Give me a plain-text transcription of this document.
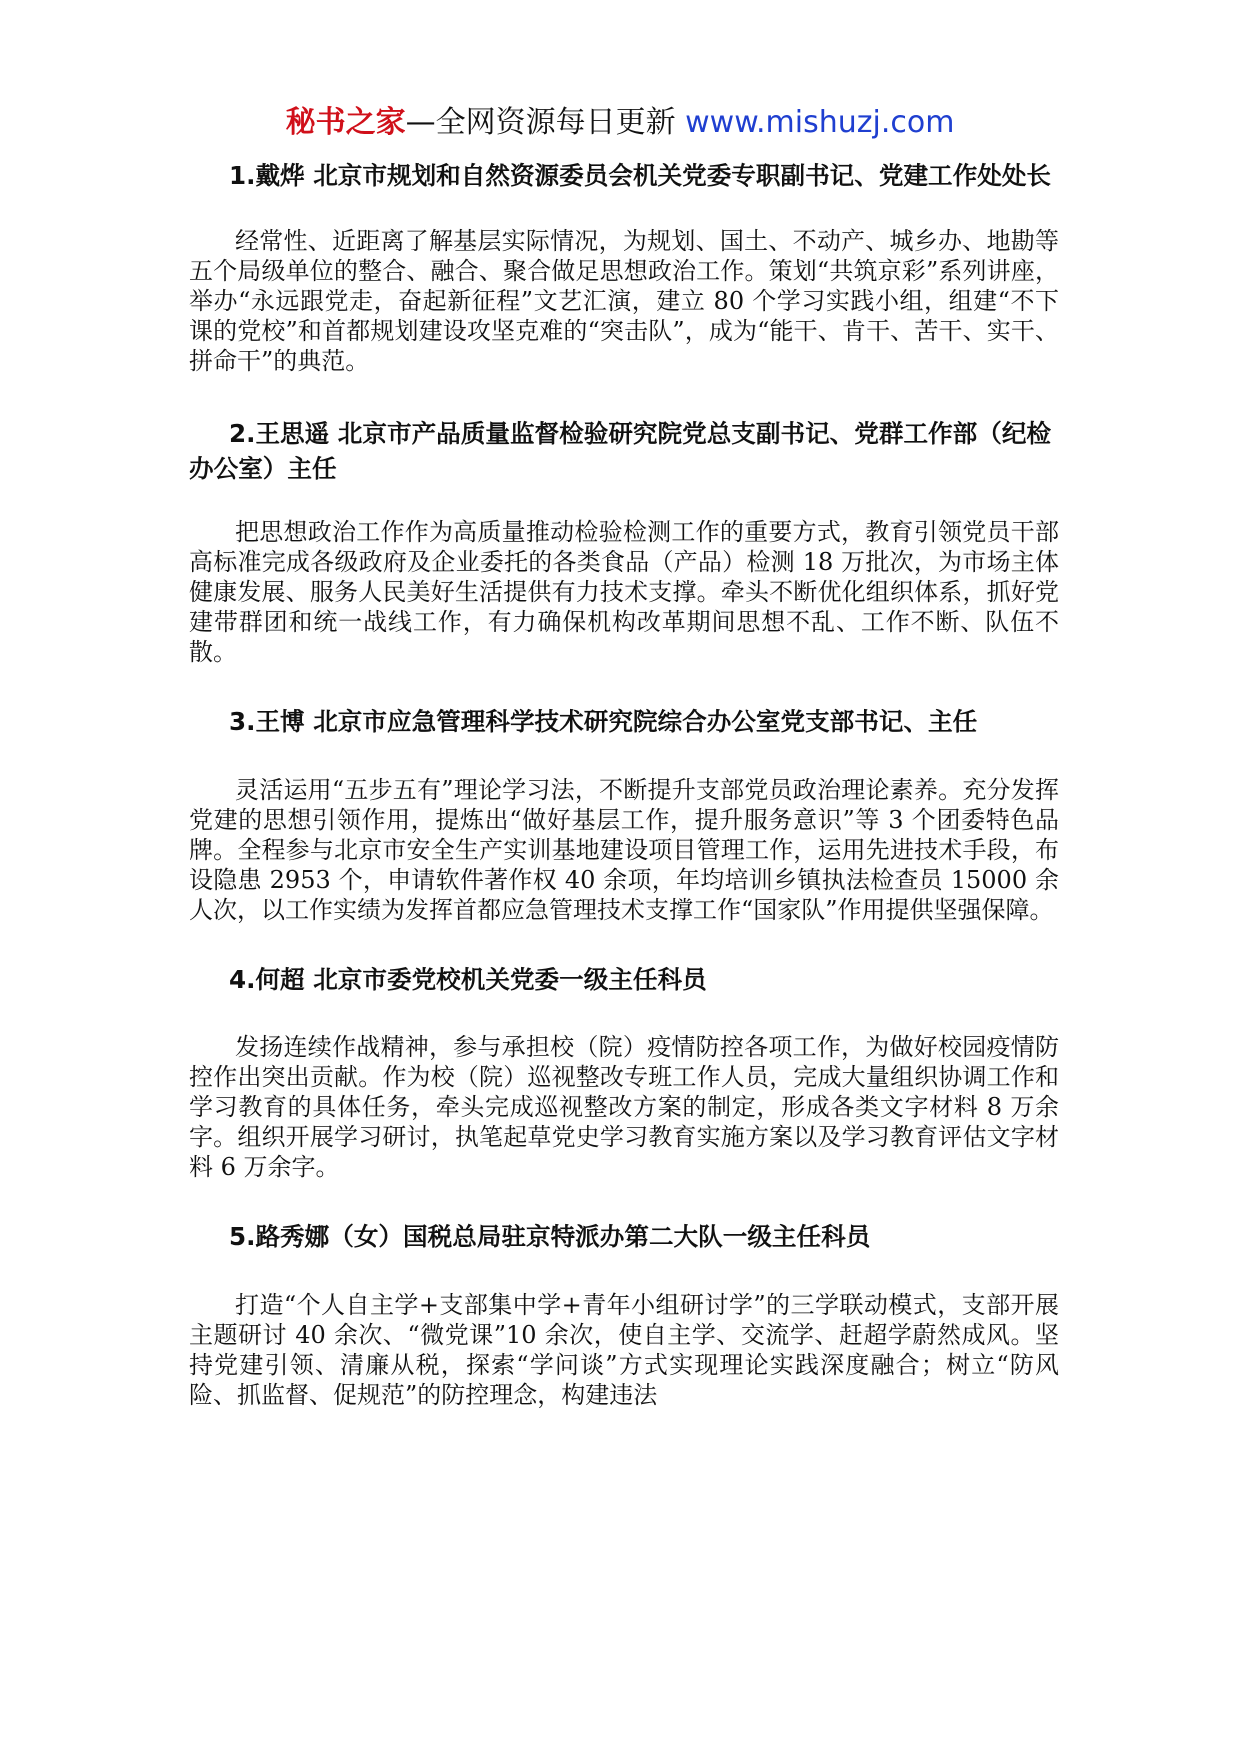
秘书之家—全网资源每日更新 www.mishuzj.com

1.戴烨 北京市规划和自然资源委员会机关党委专职副书记、党建工作处处长

经常性、近距离了解基层实际情况，为规划、国土、不动产、城乡办、地勘等五个局级单位的整合、融合、聚合做足思想政治工作。策划“共筑京彩”系列讲座，举办“永远跟党走，奋起新征程”文艺汇演，建立 80 个学习实践小组，组建“不下课的党校”和首都规划建设攻坚克难的“突击队”，成为“能干、肯干、苦干、实干、拼命干”的典范。

2.王思遥 北京市产品质量监督检验研究院党总支副书记、党群工作部（纪检办公室）主任

把思想政治工作作为高质量推动检验检测工作的重要方式，教育引领党员干部高标准完成各级政府及企业委托的各类食品（产品）检测 18 万批次，为市场主体健康发展、服务人民美好生活提供有力技术支撑。牵头不断优化组织体系，抓好党建带群团和统一战线工作，有力确保机构改革期间思想不乱、工作不断、队伍不散。

3.王博 北京市应急管理科学技术研究院综合办公室党支部书记、主任

灵活运用“五步五有”理论学习法，不断提升支部党员政治理论素养。充分发挥党建的思想引领作用，提炼出“做好基层工作，提升服务意识”等 3 个团委特色品牌。全程参与北京市安全生产实训基地建设项目管理工作，运用先进技术手段，布设隐患 2953 个，申请软件著作权 40 余项，年均培训乡镇执法检查员 15000 余人次，以工作实绩为发挥首都应急管理技术支撑工作“国家队”作用提供坚强保障。

4.何超 北京市委党校机关党委一级主任科员

发扬连续作战精神，参与承担校（院）疫情防控各项工作，为做好校园疫情防控作出突出贡献。作为校（院）巡视整改专班工作人员，完成大量组织协调工作和学习教育的具体任务，牵头完成巡视整改方案的制定，形成各类文字材料 8 万余字。组织开展学习研讨，执笔起草党史学习教育实施方案以及学习教育评估文字材料 6 万余字。

5.路秀娜（女）国税总局驻京特派办第二大队一级主任科员

打造“个人自主学+支部集中学+青年小组研讨学”的三学联动模式，支部开展主题研讨 40 余次、“微党课”10 余次，使自主学、交流学、赶超学蔚然成风。坚持党建引领、清廉从税，探索“学问谈”方式实现理论实践深度融合；树立“防风险、抓监督、促规范”的防控理念，构建违法
